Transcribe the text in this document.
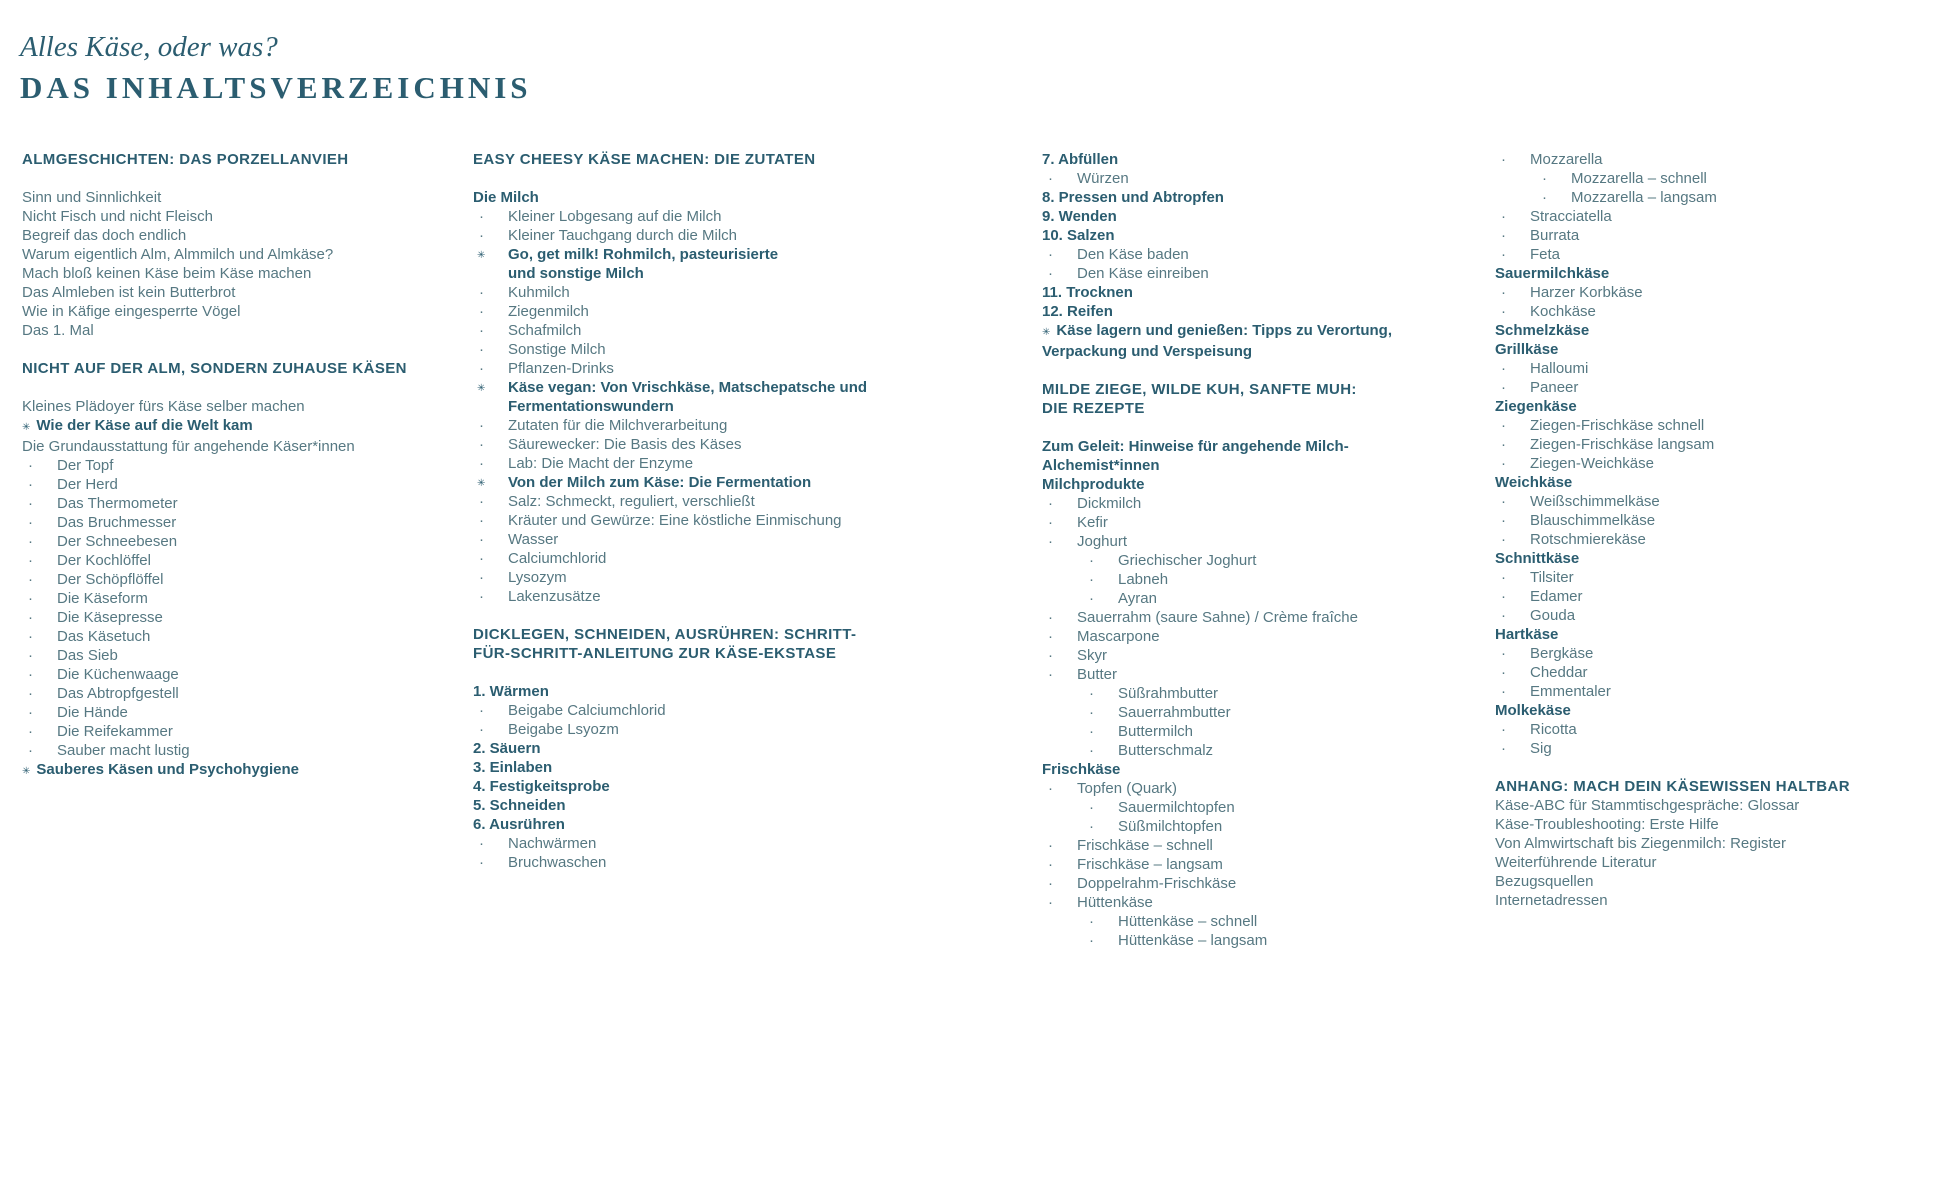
Alles Käse, oder was?
DAS INHALTSVERZEICHNIS
ALMGESCHICHTEN: DAS PORZELLANVIEH
Sinn und Sinnlichkeit
Nicht Fisch und nicht Fleisch
Begreif das doch endlich
Warum eigentlich Alm, Almmilch und Almkäse?
Mach bloß keinen Käse beim Käse machen
Das Almleben ist kein Butterbrot
Wie in Käfige eingesperrte Vögel
Das 1. Mal
NICHT AUF DER ALM, SONDERN ZUHAUSE KÄSEN
Kleines Plädoyer fürs Käse selber machen
✳ Wie der Käse auf die Welt kam
Die Grundausstattung für angehende Käser*innen
· Der Topf
· Der Herd
· Das Thermometer
· Das Bruchmesser
· Der Schneebesen
· Der Kochlöffel
· Der Schöpflöffel
· Die Käseform
· Die Käsepresse
· Das Käsetuch
· Das Sieb
· Die Küchenwaage
· Das Abtropfgestell
· Die Hände
· Die Reifekammer
· Sauber macht lustig
✳ Sauberes Käsen und Psychohygiene
EASY CHEESY KÄSE MACHEN: DIE ZUTATEN
Die Milch
· Kleiner Lobgesang auf die Milch
· Kleiner Tauchgang durch die Milch
✳ Go, get milk! Rohmilch, pasteurisierte
und sonstige Milch
· Kuhmilch
· Ziegenmilch
· Schafmilch
· Sonstige Milch
· Pflanzen-Drinks
✳ Käse vegan: Von Vrischkäse, Matschepatsche und
Fermentationswundern
· Zutaten für die Milchverarbeitung
· Säurewecker: Die Basis des Käses
· Lab: Die Macht der Enzyme
✳ Von der Milch zum Käse: Die Fermentation
· Salz: Schmeckt, reguliert, verschließt
· Kräuter und Gewürze: Eine köstliche Einmischung
· Wasser
· Calciumchlorid
· Lysozym
· Lakenzusätze
DICKLEGEN, SCHNEIDEN, AUSRÜHREN: SCHRITT-
FÜR-SCHRITT-ANLEITUNG ZUR KÄSE-EKSTASE
1. Wärmen
· Beigabe Calciumchlorid
· Beigabe Lsyozm
2. Säuern
3. Einlaben
4. Festigkeitsprobe
5. Schneiden
6. Ausrühren
· Nachwärmen
· Bruchwaschen
7. Abfüllen
· Würzen
8. Pressen und Abtropfen
9. Wenden
10. Salzen
· Den Käse baden
· Den Käse einreiben
11. Trocknen
12. Reifen
✳ Käse lagern und genießen: Tipps zu Verortung,
Verpackung und Verspeisung
MILDE ZIEGE, WILDE KUH, SANFTE MUH:
DIE REZEPTE
Zum Geleit: Hinweise für angehende Milch-
Alchemist*innen
Milchprodukte
· Dickmilch
· Kefir
· Joghurt
· Griechischer Joghurt
· Labneh
· Ayran
· Sauerrahm (saure Sahne) / Crème fraîche
· Mascarpone
· Skyr
· Butter
· Süßrahmbutter
· Sauerrahmbutter
· Buttermilch
· Butterschmalz
Frischkäse
· Topfen (Quark)
· Sauermilchtopfen
· Süßmilchtopfen
· Frischkäse – schnell
· Frischkäse – langsam
· Doppelrahm-Frischkäse
· Hüttenkäse
· Hüttenkäse – schnell
· Hüttenkäse – langsam
· Mozzarella
· Mozzarella – schnell
· Mozzarella – langsam
· Stracciatella
· Burrata
· Feta
Sauermilchkäse
· Harzer Korbkäse
· Kochkäse
Schmelzkäse
Grillkäse
· Halloumi
· Paneer
Ziegenkäse
· Ziegen-Frischkäse schnell
· Ziegen-Frischkäse langsam
· Ziegen-Weichkäse
Weichkäse
· Weißschimmelkäse
· Blauschimmelkäse
· Rotschmierekäse
Schnittkäse
· Tilsiter
· Edamer
· Gouda
Hartkäse
· Bergkäse
· Cheddar
· Emmentaler
Molkekäse
· Ricotta
· Sig
ANHANG: MACH DEIN KÄSEWISSEN HALTBAR
Käse-ABC für Stammtischgespräche: Glossar
Käse-Troubleshooting: Erste Hilfe
Von Almwirtschaft bis Ziegenmilch: Register
Weiterführende Literatur
Bezugsquellen
Internetadressen
